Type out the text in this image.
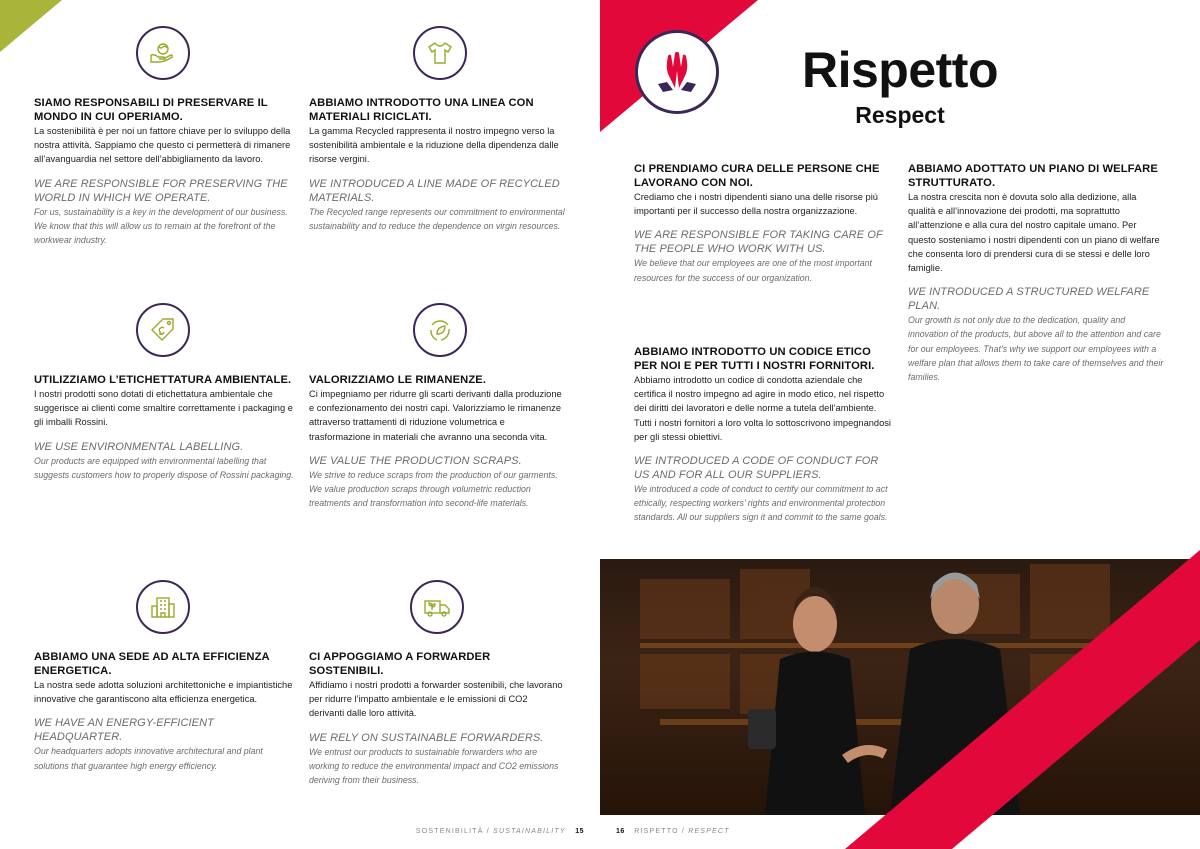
SIAMO RESPONSABILI DI PRESERVARE IL MONDO IN CUI OPERIAMO.
La sostenibilità è per noi un fattore chiave per lo sviluppo della nostra attività. Sappiamo che questo ci permetterà di rimanere all’avanguardia nel settore dell’abbigliamento da lavoro.
WE ARE RESPONSIBLE FOR PRESERVING THE WORLD IN WHICH WE OPERATE.
For us, sustainability is a key in the development of our business. We know that this will allow us to remain at the forefront of the workwear industry.
ABBIAMO INTRODOTTO UNA LINEA CON MATERIALI RICICLATI.
La gamma Recycled rappresenta il nostro impegno verso la sostenibilità ambientale e la riduzione della dipendenza dalle risorse vergini.
WE INTRODUCED A LINE MADE OF RECYCLED MATERIALS.
The Recycled range represents our commitment to environmental sustainability and to reduce the dependence on virgin resources.
UTILIZZIAMO L’ETICHETTATURA AMBIENTALE.
I nostri prodotti sono dotati di etichettatura ambientale che suggerisce ai clienti come smaltire correttamente i packaging e gli imballi Rossini.
WE USE ENVIRONMENTAL LABELLING.
Our products are equipped with environmental labelling that suggests customers how to properly dispose of Rossini packaging.
VALORIZZIAMO LE RIMANENZE.
Ci impegniamo per ridurre gli scarti derivanti dalla produzione e confezionamento dei nostri capi. Valorizziamo le rimanenze attraverso trattamenti di riduzione volumetrica e trasformazione in materiali che avranno una seconda vita.
WE VALUE THE PRODUCTION SCRAPS.
We strive to reduce scraps from the production of our garments. We value production scraps through volumetric reduction treatments and transformation into second-life materials.
ABBIAMO UNA SEDE AD ALTA EFFICIENZA ENERGETICA.
La nostra sede adotta soluzioni architettoniche e impiantistiche innovative che garantiscono alta efficienza energetica.
WE HAVE AN ENERGY-EFFICIENT HEADQUARTER.
Our headquarters adopts innovative architectural and plant solutions that guarantee high energy efficiency.
CI APPOGGIAMO A FORWARDER SOSTENIBILI.
Affidiamo i nostri prodotti a forwarder sostenibili, che lavorano per ridurre l’impatto ambientale e le emissioni di CO2 derivanti dalle loro attività.
WE RELY ON SUSTAINABLE FORWARDERS.
We entrust our products to sustainable forwarders who are working to reduce the environmental impact and CO2 emissions deriving from their business.
SOSTENIBILITÀ / SUSTAINABILITY 15
Rispetto
Respect
CI PRENDIAMO CURA DELLE PERSONE CHE LAVORANO CON NOI.
Crediamo che i nostri dipendenti siano una delle risorse più importanti per il successo della nostra organizzazione.
WE ARE RESPONSIBLE FOR TAKING CARE OF THE PEOPLE WHO WORK WITH US.
We believe that our employees are one of the most important resources for the success of our organization.
ABBIAMO ADOTTATO UN PIANO DI WELFARE STRUTTURATO.
La nostra crescita non è dovuta solo alla dedizione, alla qualità e all’innovazione dei prodotti, ma soprattutto all’attenzione e alla cura del nostro capitale umano. Per questo sosteniamo i nostri dipendenti con un piano di welfare che consenta loro di prendersi cura di se stessi e delle loro famiglie.
WE INTRODUCED A STRUCTURED WELFARE PLAN.
Our growth is not only due to the dedication, quality and innovation of the products, but above all to the attention and care for our employees. That’s why we support our employees with a welfare plan that allows them to take care of themselves and their families.
ABBIAMO INTRODOTTO UN CODICE ETICO PER NOI E PER TUTTI I NOSTRI FORNITORI.
Abbiamo introdotto un codice di condotta aziendale che certifica il nostro impegno ad agire in modo etico, nel rispetto dei diritti dei lavoratori e delle norme a tutela dell’ambiente. Tutti i nostri fornitori a loro volta lo sottoscrivono impegnandosi per gli stessi obiettivi.
WE INTRODUCED A CODE OF CONDUCT FOR US AND FOR ALL OUR SUPPLIERS.
We introduced a code of conduct to certify our commitment to act ethically, respecting workers’ rights and environmental protection standards. All our suppliers sign it and commit to the same goals.
16 RISPETTO / RESPECT
